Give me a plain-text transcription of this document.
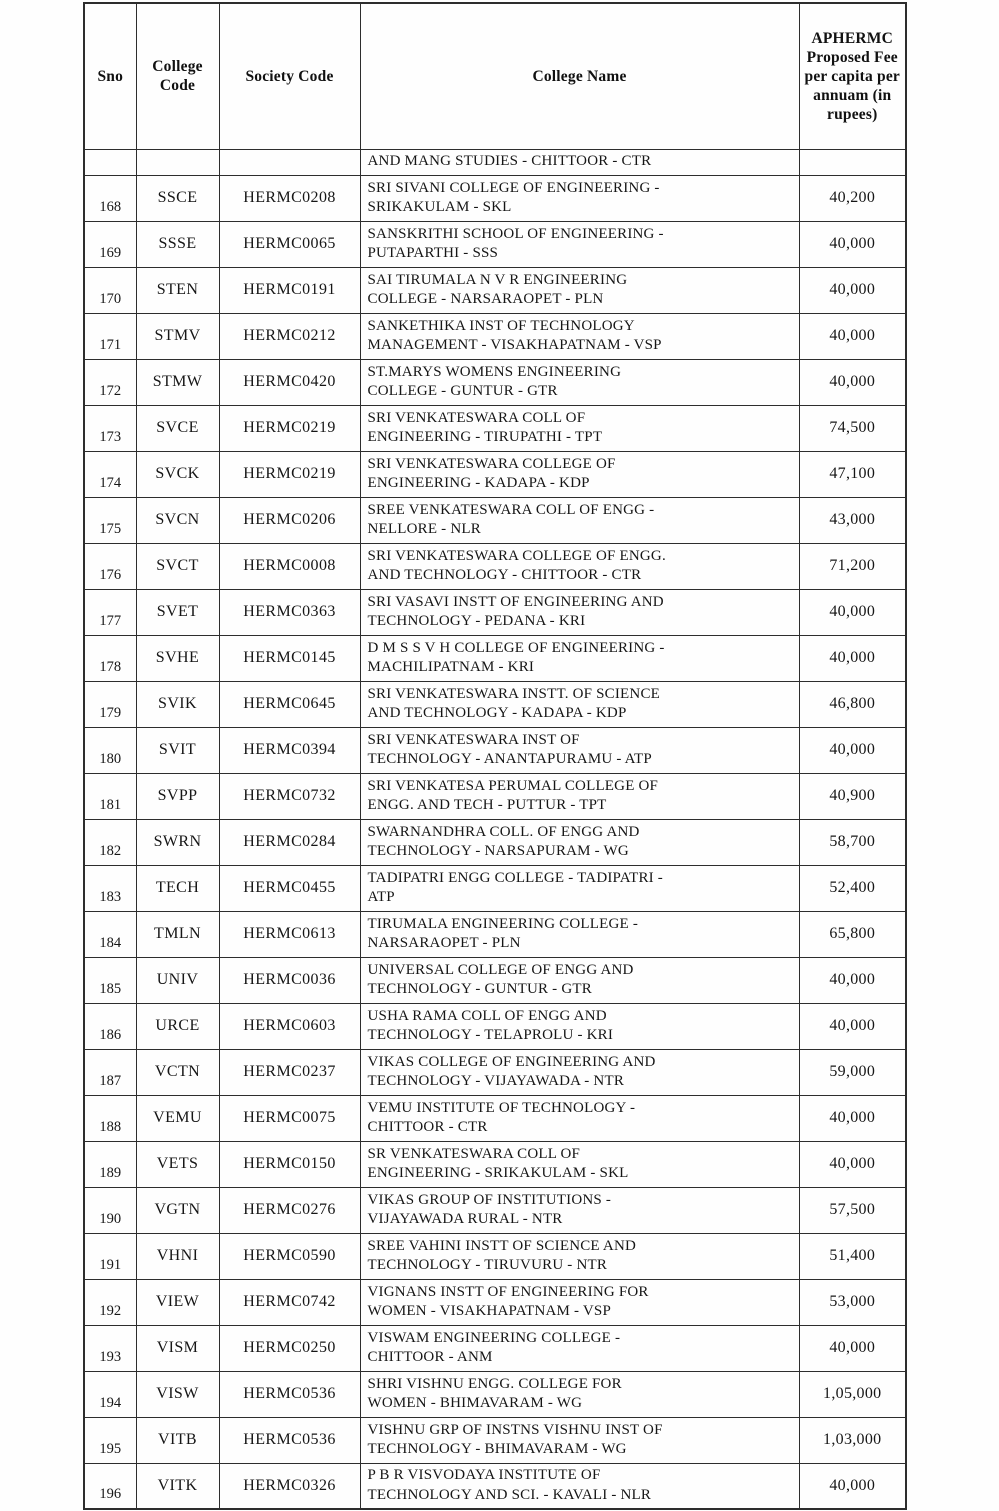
Sno	College Code	Society Code	College Name	APHERMC Proposed Fee per capita per annuam (in rupees)

			AND MANG STUDIES - CHITTOOR - CTR	

168	SSCE	HERMC0208	SRI SIVANI COLLEGE OF ENGINEERING -
SRIKAKULAM - SKL	40,200
169	SSSE	HERMC0065	SANSKRITHI SCHOOL OF ENGINEERING -
PUTAPARTHI - SSS	40,000
170	STEN	HERMC0191	SAI TIRUMALA N V R ENGINEERING
COLLEGE - NARSARAOPET - PLN	40,000
171	STMV	HERMC0212	SANKETHIKA INST OF TECHNOLOGY
MANAGEMENT - VISAKHAPATNAM - VSP	40,000
172	STMW	HERMC0420	ST.MARYS WOMENS ENGINEERING
COLLEGE - GUNTUR - GTR	40,000
173	SVCE	HERMC0219	SRI VENKATESWARA COLL OF
ENGINEERING - TIRUPATHI - TPT	74,500
174	SVCK	HERMC0219	SRI VENKATESWARA COLLEGE OF
ENGINEERING - KADAPA - KDP	47,100
175	SVCN	HERMC0206	SREE VENKATESWARA COLL OF ENGG -
NELLORE - NLR	43,000
176	SVCT	HERMC0008	SRI VENKATESWARA COLLEGE OF ENGG.
AND TECHNOLOGY - CHITTOOR - CTR	71,200
177	SVET	HERMC0363	SRI VASAVI INSTT OF ENGINEERING AND
TECHNOLOGY - PEDANA - KRI	40,000
178	SVHE	HERMC0145	D M S S V H COLLEGE OF ENGINEERING -
MACHILIPATNAM - KRI	40,000
179	SVIK	HERMC0645	SRI VENKATESWARA INSTT. OF SCIENCE
AND TECHNOLOGY - KADAPA - KDP	46,800
180	SVIT	HERMC0394	SRI VENKATESWARA INST OF
TECHNOLOGY - ANANTAPURAMU - ATP	40,000
181	SVPP	HERMC0732	SRI VENKATESA PERUMAL COLLEGE OF
ENGG. AND TECH - PUTTUR - TPT	40,900
182	SWRN	HERMC0284	SWARNANDHRA COLL. OF ENGG AND
TECHNOLOGY - NARSAPURAM - WG	58,700
183	TECH	HERMC0455	TADIPATRI ENGG COLLEGE - TADIPATRI -
ATP	52,400
184	TMLN	HERMC0613	TIRUMALA ENGINEERING COLLEGE -
NARSARAOPET - PLN	65,800
185	UNIV	HERMC0036	UNIVERSAL COLLEGE OF ENGG AND
TECHNOLOGY - GUNTUR - GTR	40,000
186	URCE	HERMC0603	USHA RAMA COLL OF ENGG AND
TECHNOLOGY - TELAPROLU - KRI	40,000
187	VCTN	HERMC0237	VIKAS COLLEGE OF ENGINEERING AND
TECHNOLOGY - VIJAYAWADA - NTR	59,000
188	VEMU	HERMC0075	VEMU INSTITUTE OF TECHNOLOGY -
CHITTOOR - CTR	40,000
189	VETS	HERMC0150	SR VENKATESWARA COLL OF
ENGINEERING - SRIKAKULAM - SKL	40,000
190	VGTN	HERMC0276	VIKAS GROUP OF INSTITUTIONS -
VIJAYAWADA RURAL - NTR	57,500
191	VHNI	HERMC0590	SREE VAHINI INSTT OF SCIENCE AND
TECHNOLOGY - TIRUVURU - NTR	51,400
192	VIEW	HERMC0742	VIGNANS INSTT OF ENGINEERING FOR
WOMEN - VISAKHAPATNAM - VSP	53,000
193	VISM	HERMC0250	VISWAM ENGINEERING COLLEGE -
CHITTOOR - ANM	40,000
194	VISW	HERMC0536	SHRI VISHNU ENGG. COLLEGE FOR
WOMEN - BHIMAVARAM - WG	1,05,000
195	VITB	HERMC0536	VISHNU GRP OF INSTNS VISHNU INST OF
TECHNOLOGY - BHIMAVARAM - WG	1,03,000
196	VITK	HERMC0326	P B R VISVODAYA INSTITUTE OF
TECHNOLOGY AND SCI. - KAVALI - NLR	40,000
